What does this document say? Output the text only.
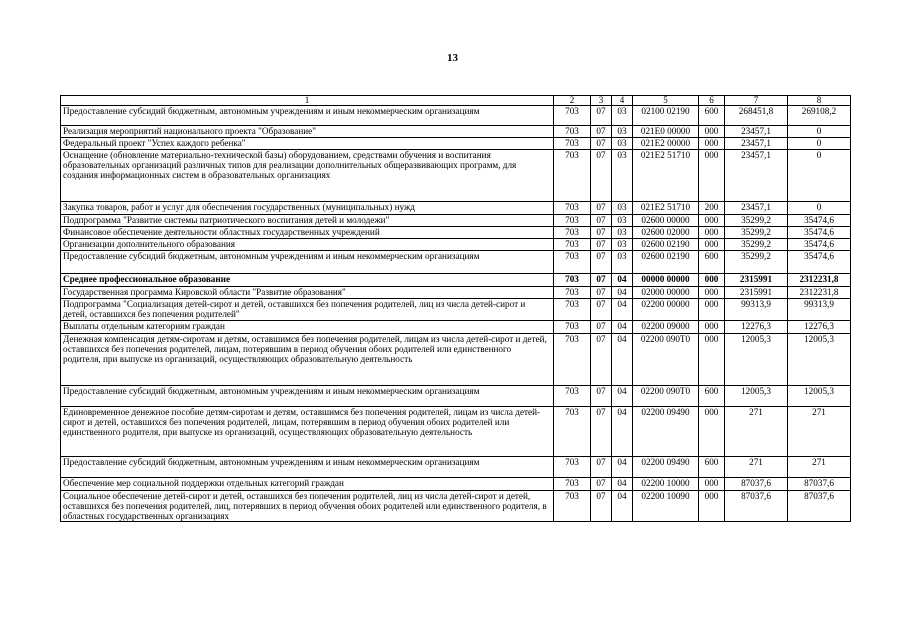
13
1	2	3	4	5	6	7	8
Предоставление субсидий бюджетным, автономным учреждениям и иным некоммерческим организациям	703	07	03	02100 02190	600	268451,8	269108,2
Реализация мероприятий национального проекта "Образование"	703	07	03	021Е0 00000	000	23457,1	0
Федеральный проект "Успех каждого ребенка"	703	07	03	021Е2 00000	000	23457,1	0
Оснащение (обновление материально-технической базы) оборудованием, средствами обучения и воспитания образовательных организаций различных типов для реализации дополнительных общеразвивающих программ, для создания информационных систем в образовательных организациях	703	07	03	021Е2 51710	000	23457,1	0
Закупка товаров, работ и услуг для обеспечения государственных (муниципальных) нужд	703	07	03	021Е2 51710	200	23457,1	0
Подпрограмма "Развитие системы патриотического воспитания детей и молодежи"	703	07	03	02600 00000	000	35299,2	35474,6
Финансовое обеспечение деятельности областных государственных учреждений	703	07	03	02600 02000	000	35299,2	35474,6
Организации дополнительного образования	703	07	03	02600 02190	000	35299,2	35474,6
Предоставление субсидий бюджетным, автономным учреждениям и иным некоммерческим организациям	703	07	03	02600 02190	600	35299,2	35474,6
Среднее профессиональное образование	703	07	04	00000 00000	000	2315991	2312231,8
Государственная программа Кировской области "Развитие образования"	703	07	04	02000 00000	000	2315991	2312231,8
Подпрограмма "Социализация детей-сирот и детей, оставшихся без попечения родителей, лиц из числа детей-сирот и детей, оставшихся без попечения родителей"	703	07	04	02200 00000	000	99313,9	99313,9
Выплаты отдельным категориям граждан	703	07	04	02200 09000	000	12276,3	12276,3
Денежная компенсация детям-сиротам и детям, оставшимся без попечения родителей, лицам из числа детей-сирот и детей, оставшихся без попечения родителей, лицам, потерявшим в период обучения обоих родителей или единственного родителя, при выпуске из организаций, осуществляющих образовательную деятельность	703	07	04	02200 090Т0	000	12005,3	12005,3
Предоставление субсидий бюджетным, автономным учреждениям и иным некоммерческим организациям	703	07	04	02200 090Т0	600	12005,3	12005,3
Единовременное денежное пособие детям-сиротам и детям, оставшимся без попечения родителей, лицам из числа детей-сирот и детей, оставшихся без попечения родителей, лицам, потерявшим в период обучения обоих родителей или единственного родителя, при выпуске из организаций, осуществляющих образовательную деятельность	703	07	04	02200 09490	000	271	271
Предоставление субсидий бюджетным, автономным учреждениям и иным некоммерческим организациям	703	07	04	02200 09490	600	271	271
Обеспечение мер социальной поддержки отдельных категорий граждан	703	07	04	02200 10000	000	87037,6	87037,6
Социальное обеспечение детей-сирот и детей, оставшихся без попечения родителей, лиц из числа детей-сирот и детей, оставшихся без попечения родителей, лиц, потерявших в период обучения обоих родителей или единственного родителя, в областных государственных организациях	703	07	04	02200 10090	000	87037,6	87037,6
